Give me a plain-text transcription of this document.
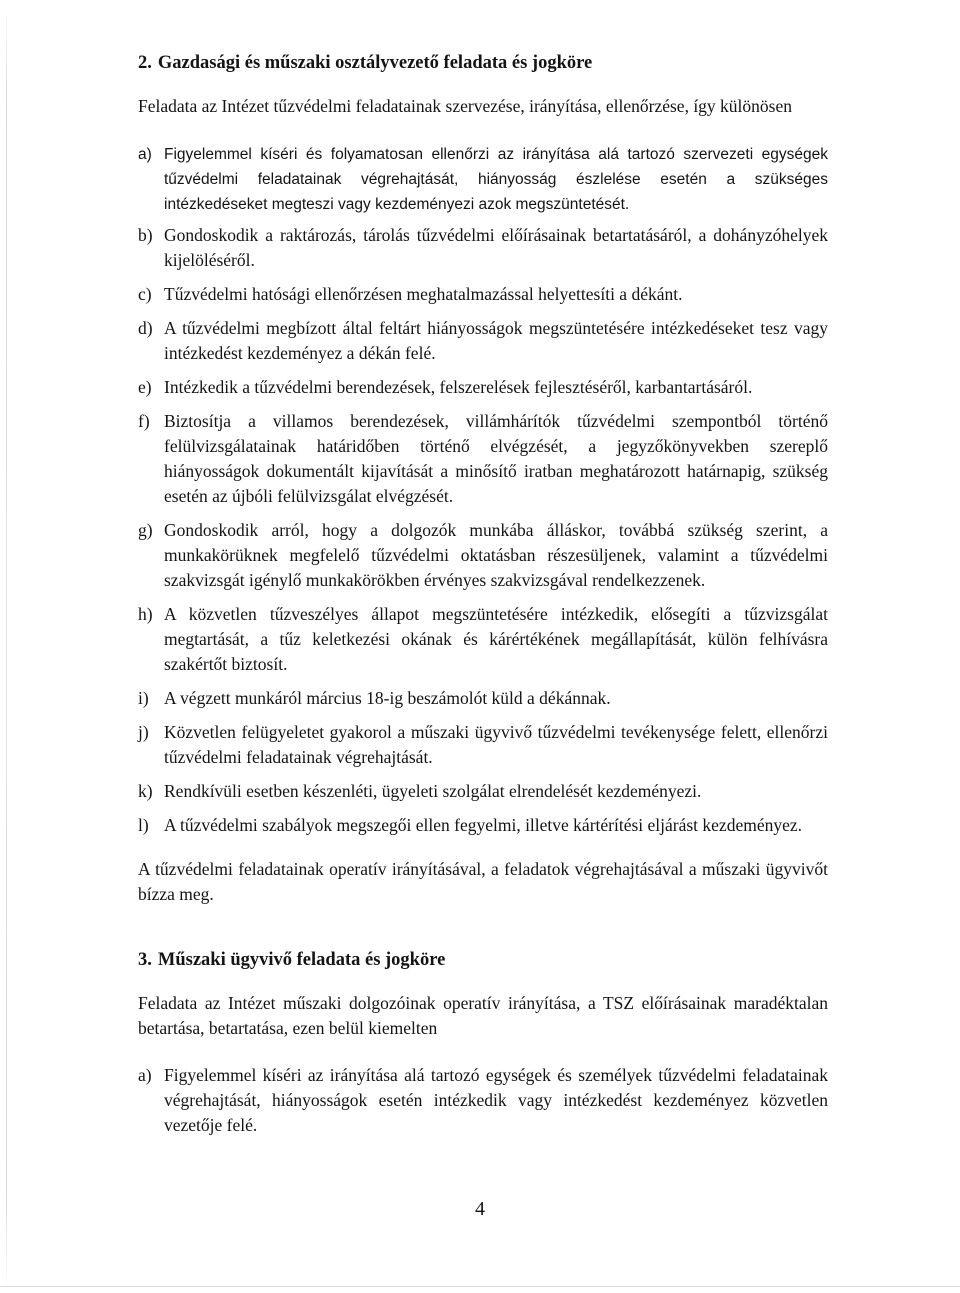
2. Gazdasági és műszaki osztályvezető feladata és jogköre

Feladata az Intézet tűzvédelmi feladatainak szervezése, irányítása, ellenőrzése, így különösen

a) Figyelemmel kíséri és folyamatosan ellenőrzi az irányítása alá tartozó szervezeti egységek tűzvédelmi feladatainak végrehajtását, hiányosság észlelése esetén a szükséges intézkedéseket megteszi vagy kezdeményezi azok megszüntetését.
b) Gondoskodik a raktározás, tárolás tűzvédelmi előírásainak betartatásáról, a dohányzóhelyek kijelöléséről.
c) Tűzvédelmi hatósági ellenőrzésen meghatalmazással helyettesíti a dékánt.
d) A tűzvédelmi megbízott által feltárt hiányosságok megszüntetésére intézkedéseket tesz vagy intézkedést kezdeményez a dékán felé.
e) Intézkedik a tűzvédelmi berendezések, felszerelések fejlesztéséről, karbantartásáról.
f) Biztosítja a villamos berendezések, villámhárítók tűzvédelmi szempontból történő felülvizsgálatainak határidőben történő elvégzését, a jegyzőkönyvekben szereplő hiányosságok dokumentált kijavítását a minősítő iratban meghatározott határnapig, szükség esetén az újbóli felülvizsgálat elvégzését.
g) Gondoskodik arról, hogy a dolgozók munkába álláskor, továbbá szükség szerint, a munkakörüknek megfelelő tűzvédelmi oktatásban részesüljenek, valamint a tűzvédelmi szakvizsgát igénylő munkakörökben érvényes szakvizsgával rendelkezzenek.
h) A közvetlen tűzveszélyes állapot megszüntetésére intézkedik, elősegíti a tűzvizsgálat megtartását, a tűz keletkezési okának és kárértékének megállapítását, külön felhívásra szakértőt biztosít.
i) A végzett munkáról március 18-ig beszámolót küld a dékánnak.
j) Közvetlen felügyeletet gyakorol a műszaki ügyvivő tűzvédelmi tevékenysége felett, ellenőrzi tűzvédelmi feladatainak végrehajtását.
k) Rendkívüli esetben készenléti, ügyeleti szolgálat elrendelését kezdeményezi.
l) A tűzvédelmi szabályok megszegői ellen fegyelmi, illetve kártérítési eljárást kezdeményez.

A tűzvédelmi feladatainak operatív irányításával, a feladatok végrehajtásával a műszaki ügyvivőt bízza meg.

3. Műszaki ügyvivő feladata és jogköre

Feladata az Intézet műszaki dolgozóinak operatív irányítása, a TSZ előírásainak maradéktalan betartása, betartatása, ezen belül kiemelten

a) Figyelemmel kíséri az irányítása alá tartozó egységek és személyek tűzvédelmi feladatainak végrehajtását, hiányosságok esetén intézkedik vagy intézkedést kezdeményez közvetlen vezetője felé.
4
